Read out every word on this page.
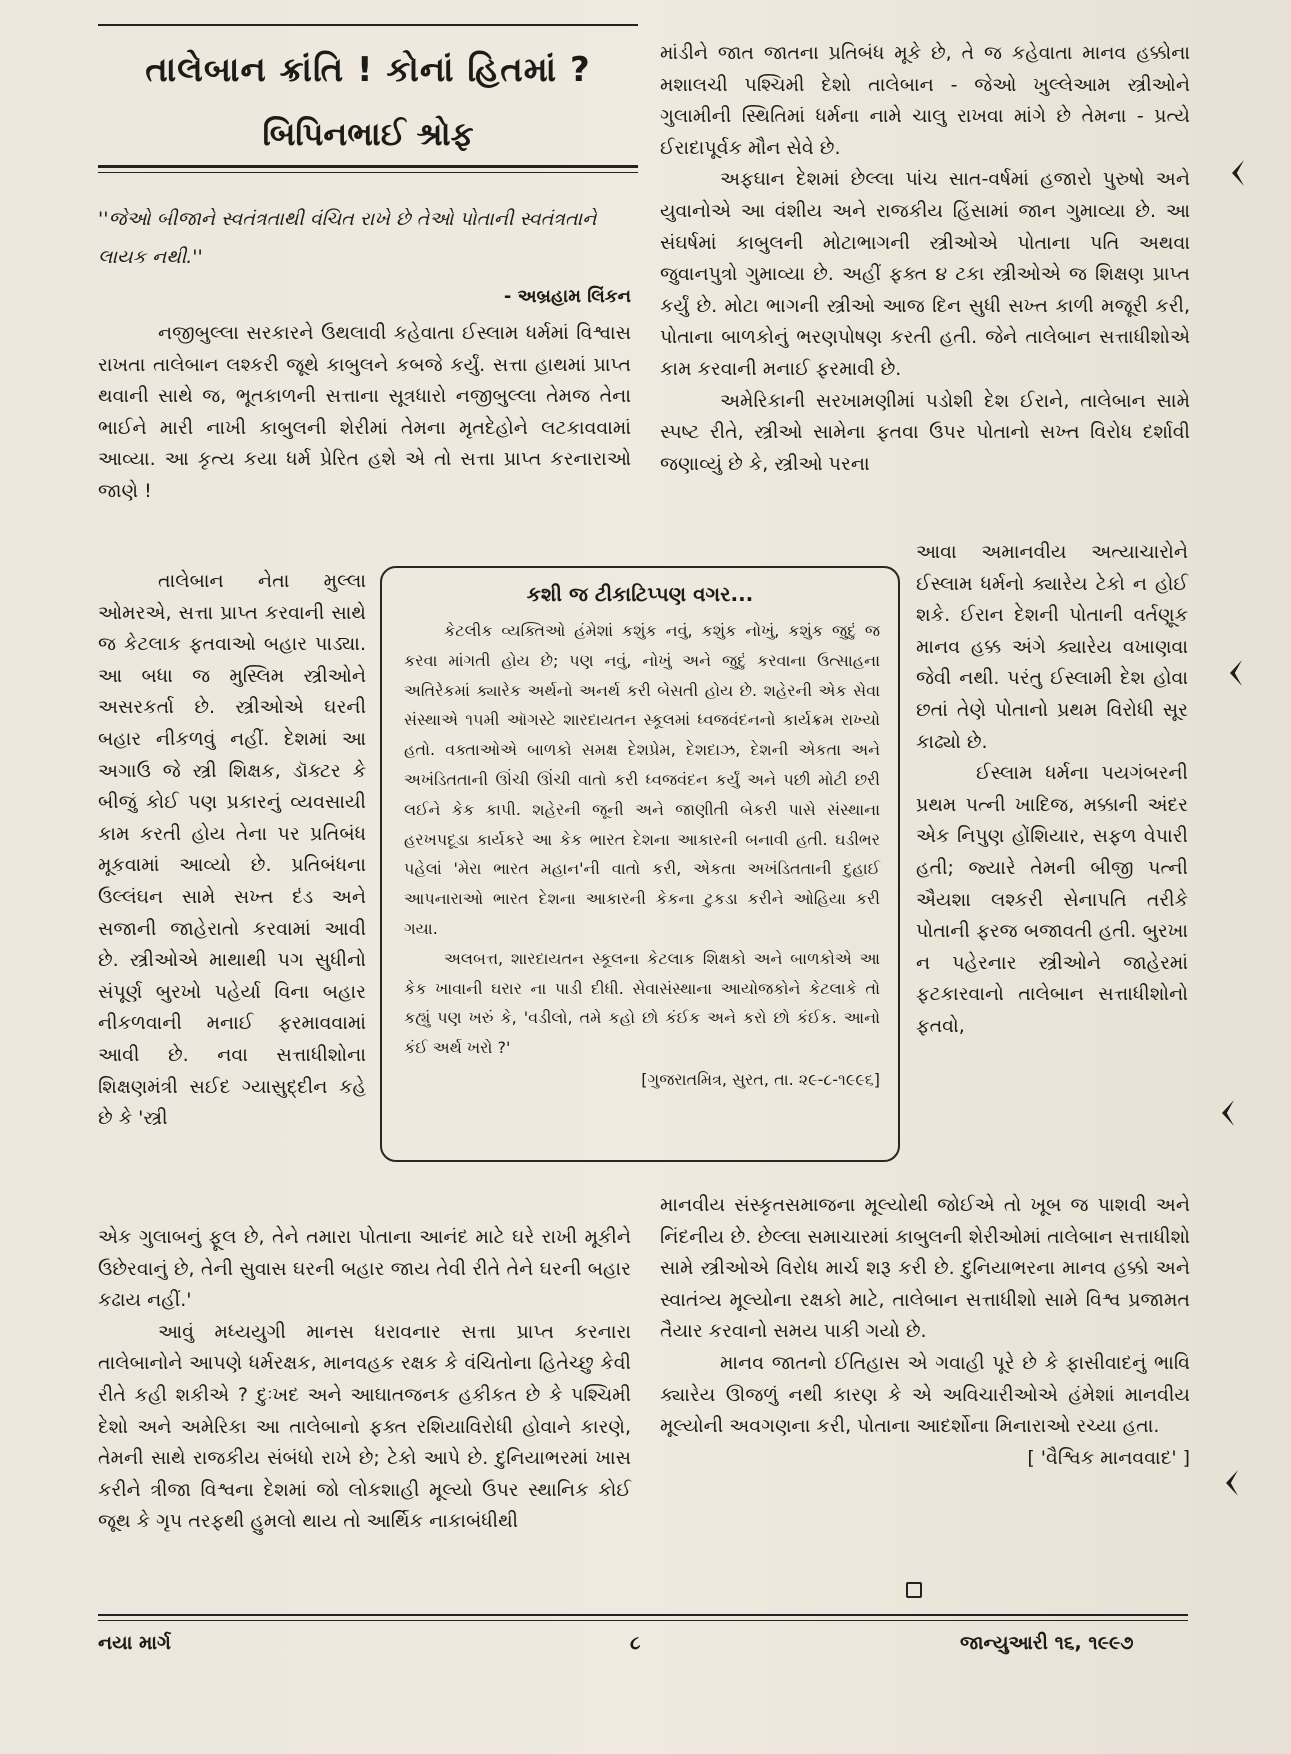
તાલેબાન ક્રાંતિ ! કોનાં હિતમાં ?
બિપિનભાઈ શ્રોફ
''જેઓ બીજાને સ્વતંત્રતાથી વંચિત રાખે છે તેઓ પોતાની સ્વતંત્રતાને લાયક નથી.''
- અબ્રહામ લિંકન

નજીબુલ્લા સરકારને ઉથલાવી કહેવાતા ઈસ્લામ ધર્મમાં વિશ્વાસ રાખતા તાલેબાન લશ્કરી જૂથે કાબુલને કબજે કર્યું. સત્તા હાથમાં પ્રાપ્ત થવાની સાથે જ, ભૂતકાળની સત્તાના સૂત્રધારો નજીબુલ્લા તેમજ તેના ભાઈને મારી નાખી કાબુલની શેરીમાં તેમના મૃતદેહોને લટકાવવામાં આવ્યા. આ કૃત્ય કયા ધર્મ પ્રેરિત હશે એ તો સત્તા પ્રાપ્ત કરનારાઓ જાણે !

તાલેબાન નેતા મુલ્લા ઓમરએ, સત્તા પ્રાપ્ત કરવાની સાથે જ કેટલાક ફતવાઓ બહાર પાડ્યા. આ બધા જ મુસ્લિમ સ્ત્રીઓને અસરકર્તા છે. સ્ત્રીઓએ ઘરની બહાર નીકળવું નહીં. દેશમાં આ અગાઉ જે સ્ત્રી શિક્ષક, ડૉક્ટર કે બીજું કોઈ પણ પ્રકારનું વ્યવસાયી કામ કરતી હોય તેના પર પ્રતિબંધ મૂકવામાં આવ્યો છે. પ્રતિબંધના ઉલ્લંઘન સામે સખ્ત દંડ અને સજાની જાહેરાતો કરવામાં આવી છે. સ્ત્રીઓએ માથાથી પગ સુધીનો સંપૂર્ણ બુરખો પહેર્યા વિના બહાર નીકળવાની મનાઈ ફરમાવવામાં આવી છે. નવા સત્તાધીશોના શિક્ષણમંત્રી સઈદ ગ્યાસુદ્દીન કહે છે કે 'સ્ત્રી

એક ગુલાબનું ફૂલ છે, તેને તમારા પોતાના આનંદ માટે ઘરે રાખી મૂકીને ઉછેરવાનું છે, તેની સુવાસ ઘરની બહાર જાય તેવી રીતે તેને ઘરની બહાર કઢાય નહીં.'

આવું મધ્યયુગી માનસ ધરાવનાર સત્તા પ્રાપ્ત કરનારા તાલેબાનોને આપણે ધર્મરક્ષક, માનવહક રક્ષક કે વંચિતોના હિતેચ્છુ કેવી રીતે કહી શકીએ ? દુઃખદ અને આઘાતજનક હકીકત છે કે પશ્ચિમી દેશો અને અમેરિકા આ તાલેબાનો ફક્ત રશિયાવિરોધી હોવાને કારણે, તેમની સાથે રાજકીય સંબંધો રાખે છે; ટેકો આપે છે. દુનિયાભરમાં ખાસ કરીને ત્રીજા વિશ્વના દેશમાં જો લોકશાહી મૂલ્યો ઉપર સ્થાનિક કોઈ જૂથ કે ગૃપ તરફથી હુમલો થાય તો આર્થિક નાકાબંધીથી

માંડીને જાત જાતના પ્રતિબંધ મૂકે છે, તે જ કહેવાતા માનવ હક્કોના મશાલચી પશ્ચિમી દેશો તાલેબાન - જેઓ ખુલ્લેઆમ સ્ત્રીઓને ગુલામીની સ્થિતિમાં ધર્મના નામે ચાલુ રાખવા માંગે છે તેમના - પ્રત્યે ઈરાદાપૂર્વક મૌન સેવે છે.

અફઘાન દેશમાં છેલ્લા પાંચ સાત-વર્ષમાં હજારો પુરુષો અને યુવાનોએ આ વંશીય અને રાજકીય હિંસામાં જાન ગુમાવ્યા છે. આ સંઘર્ષમાં કાબુલની મોટાભાગની સ્ત્રીઓએ પોતાના પતિ અથવા જુવાનપુત્રો ગુમાવ્યા છે. અહીં ફક્ત ૪ ટકા સ્ત્રીઓએ જ શિક્ષણ પ્રાપ્ત કર્યું છે. મોટા ભાગની સ્ત્રીઓ આજ દિન સુધી સખ્ત કાળી મજૂરી કરી, પોતાના બાળકોનું ભરણપોષણ કરતી હતી. જેને તાલેબાન સત્તાધીશોએ કામ કરવાની મનાઈ ફરમાવી છે.

અમેરિકાની સરખામણીમાં પડોશી દેશ ઈરાને, તાલેબાન સામે સ્પષ્ટ રીતે, સ્ત્રીઓ સામેના ફતવા ઉપર પોતાનો સખ્ત વિરોધ દર્શાવી જણાવ્યું છે કે, સ્ત્રીઓ પરના

આવા અમાનવીય અત્યાચારોને ઈસ્લામ ધર્મનો ક્યારેય ટેકો ન હોઈ શકે. ઈરાન દેશની પોતાની વર્તણૂક માનવ હક્ક અંગે ક્યારેય વખાણવા જેવી નથી. પરંતુ ઈસ્લામી દેશ હોવા છતાં તેણે પોતાનો પ્રથમ વિરોધી સૂર કાઢ્યો છે.

ઈસ્લામ ધર્મના પયગંબરની પ્રથમ પત્ની ખાદિજ, મક્કાની અંદર એક નિપુણ હોંશિયાર, સફળ વેપારી હતી; જ્યારે તેમની બીજી પત્ની ઐયશા લશ્કરી સેનાપતિ તરીકે પોતાની ફરજ બજાવતી હતી. બુરખા ન પહેરનાર સ્ત્રીઓને જાહેરમાં ફટકારવાનો તાલેબાન સત્તાધીશોનો ફતવો,

માનવીય સંસ્કૃતસમાજના મૂલ્યોથી જોઈએ તો ખૂબ જ પાશવી અને નિંદનીય છે. છેલ્લા સમાચારમાં કાબુલની શેરીઓમાં તાલેબાન સત્તાધીશો સામે સ્ત્રીઓએ વિરોધ માર્ચ શરૂ કરી છે. દુનિયાભરના માનવ હક્કો અને સ્વાતંત્ર્ય મૂલ્યોના રક્ષકો માટે, તાલેબાન સત્તાધીશો સામે વિશ્વ પ્રજામત તૈયાર કરવાનો સમય પાકી ગયો છે.

માનવ જાતનો ઈતિહાસ એ ગવાહી પૂરે છે કે ફાસીવાદનું ભાવિ ક્યારેય ઊજળું નથી કારણ કે એ અવિચારીઓએ હંમેશાં માનવીય મૂલ્યોની અવગણના કરી, પોતાના આદર્શોના મિનારાઓ રચ્યા હતા.

[ 'વૈશ્વિક માનવવાદ' ]
કશી જ ટીકાટિપ્પણ વગર...

કેટલીક વ્યક્તિઓ હંમેશાં કશુંક નવું, કશુંક નોખું, કશુંક જુદું જ કરવા માંગતી હોય છે; પણ નવું, નોખું અને જુદું કરવાના ઉત્સાહના અતિરેકમાં ક્યારેક અર્થનો અનર્થ કરી બેસતી હોય છે. શહેરની એક સેવા સંસ્થાએ ૧૫મી ઑગસ્ટે શારદાયતન સ્કૂલમાં ધ્વજવંદનનો કાર્યક્રમ રાખ્યો હતો. વક્તાઓએ બાળકો સમક્ષ દેશપ્રેમ, દેશદાઝ, દેશની એકતા અને અખંડિતતાની ઊંચી ઊંચી વાતો કરી ધ્વજવંદન કર્યું અને પછી મોટી છરી લઈને કેક કાપી. શહેરની જૂની અને જાણીતી બેકરી પાસે સંસ્થાના હરખપદૂડા કાર્યકરે આ કેક ભારત દેશના આકારની બનાવી હતી. ઘડીભર પહેલાં 'મેરા ભારત મહાન'ની વાતો કરી, એકતા અખંડિતતાની દુહાઈ આપનારાઓ ભારત દેશના આકારની કેકના ટુકડા કરીને ઓહિયા કરી ગયા.

અલબત્ત, શારદાયતન સ્કૂલના કેટલાક શિક્ષકો અને બાળકોએ આ કેક ખાવાની ઘરાર ના પાડી દીધી. સેવાસંસ્થાના આયોજકોને કેટલાકે તો કહ્યું પણ ખરું કે, 'વડીલો, તમે કહો છો કંઈક અને કરો છો કંઈક. આનો કંઈ અર્થ ખરો ?'

[ગુજરાતમિત્ર, સુરત, તા. ૨૯-૮-૧૯૯૬]
નયા માર્ગ	૮	જાન્યુઆરી ૧૬, ૧૯૯૭
